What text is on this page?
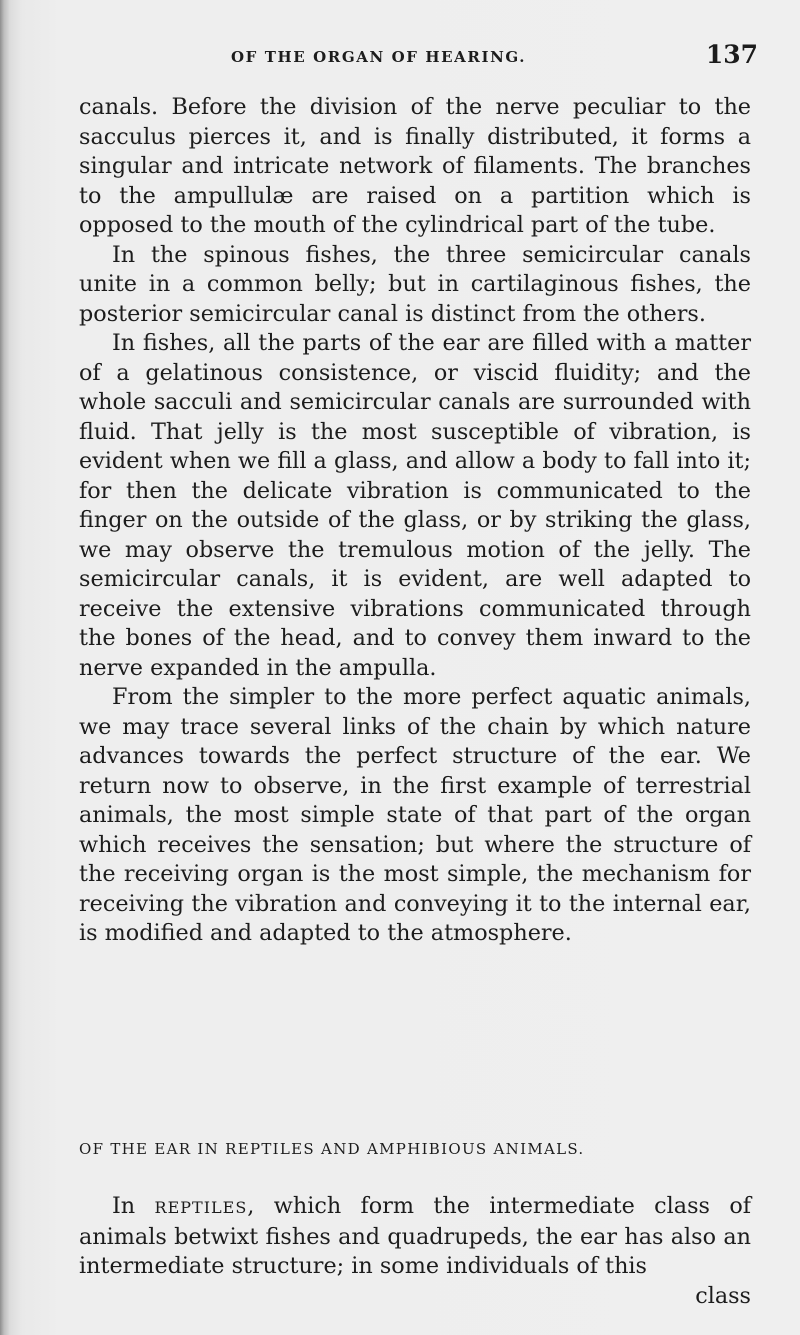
OF THE ORGAN OF HEARING.	137

canals. Before the division of the nerve peculiar to the sacculus pierces it, and is finally distributed, it forms a singular and intricate network of filaments. The branches to the ampullulæ are raised on a partition which is opposed to the mouth of the cylindrical part of the tube.

In the spinous fishes, the three semicircular canals unite in a common belly; but in cartilaginous fishes, the posterior semicircular canal is distinct from the others.

In fishes, all the parts of the ear are filled with a matter of a gelatinous consistence, or viscid fluidity; and the whole sacculi and semicircular canals are surrounded with fluid. That jelly is the most susceptible of vibration, is evident when we fill a glass, and allow a body to fall into it; for then the delicate vibration is communicated to the finger on the outside of the glass, or by striking the glass, we may observe the tremulous motion of the jelly. The semicircular canals, it is evident, are well adapted to receive the extensive vibrations communicated through the bones of the head, and to convey them inward to the nerve expanded in the ampulla.

From the simpler to the more perfect aquatic animals, we may trace several links of the chain by which nature advances towards the perfect structure of the ear. We return now to observe, in the first example of terrestrial animals, the most simple state of that part of the organ which receives the sensation; but where the structure of the receiving organ is the most simple, the mechanism for receiving the vibration and conveying it to the internal ear, is modified and adapted to the atmosphere.

OF THE EAR IN REPTILES AND AMPHIBIOUS ANIMALS.

In REPTILES, which form the intermediate class of animals betwixt fishes and quadrupeds, the ear has also an intermediate structure; in some individuals of this

class
